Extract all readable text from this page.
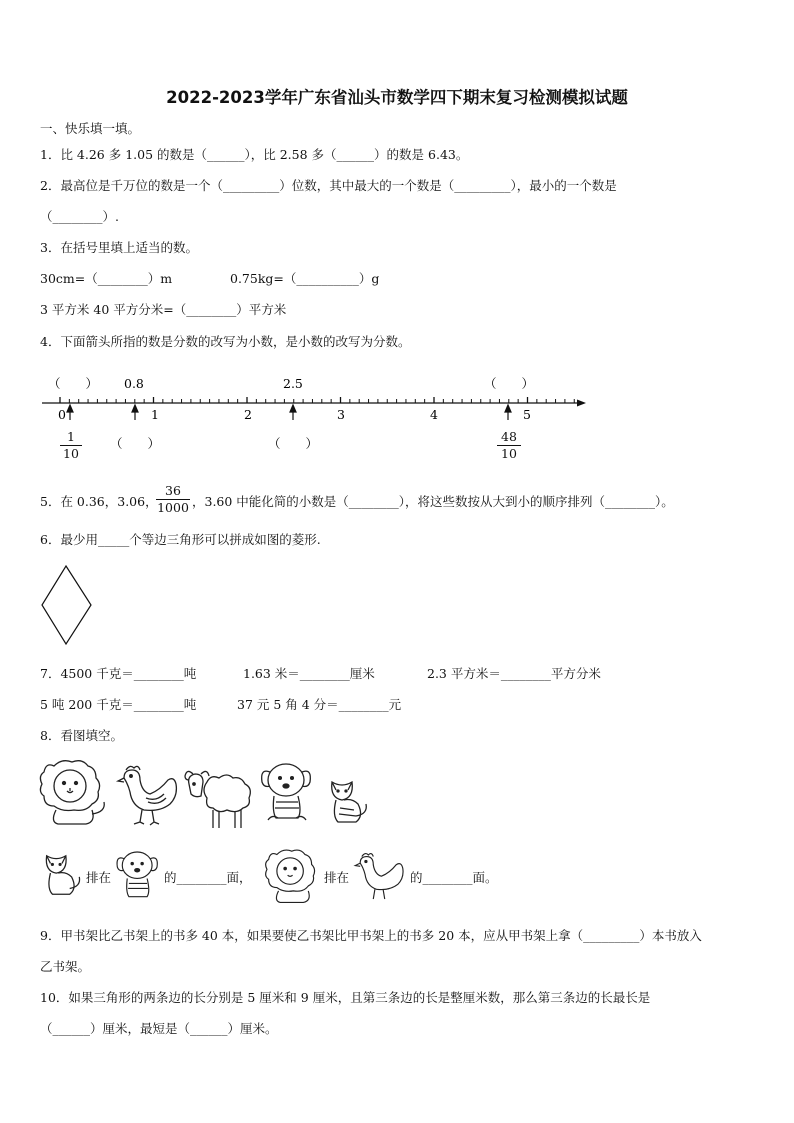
2022-2023学年广东省汕头市数学四下期末复习检测模拟试题
一、快乐填一填。
1．比 4.26 多 1.05 的数是（______），比 2.58 多（______）的数是 6.43。
2．最高位是千万位的数是一个（_________）位数，其中最大的一个数是（_________），最小的一个数是
（________）.
3．在括号里填上适当的数。
30cm=（________）m	0.75kg=（__________）g
3 平方米 40 平方分米=（________）平方米
4．下面箭头所指的数是分数的改写为小数，是小数的改写为分数。
（　　） 0.8	2.5	（　　）
0	1	2	3	4	5
（　　）	（　　）
1
10
48
10
5．在 0.36，3.06，
36
1000 ，3.60 中能化简的小数是（________），将这些数按从大到小的顺序排列（________）。
6．最少用_____个等边三角形可以拼成如图的菱形.
7．4500 千克＝________吨	1.63 米＝________厘米	2.3 平方米＝________平方分米
5 吨 200 千克＝________吨	37 元 5 角 4 分＝________元
8．看图填空。
排在	的________面，	排在	的________面。
9．甲书架比乙书架上的书多 40 本，如果要使乙书架比甲书架上的书多 20 本，应从甲书架上拿（_________）本书放入
乙书架。
10．如果三角形的两条边的长分别是 5 厘米和 9 厘米，且第三条边的长是整厘米数，那么第三条边的长最长是
（______）厘米，最短是（______）厘米。
